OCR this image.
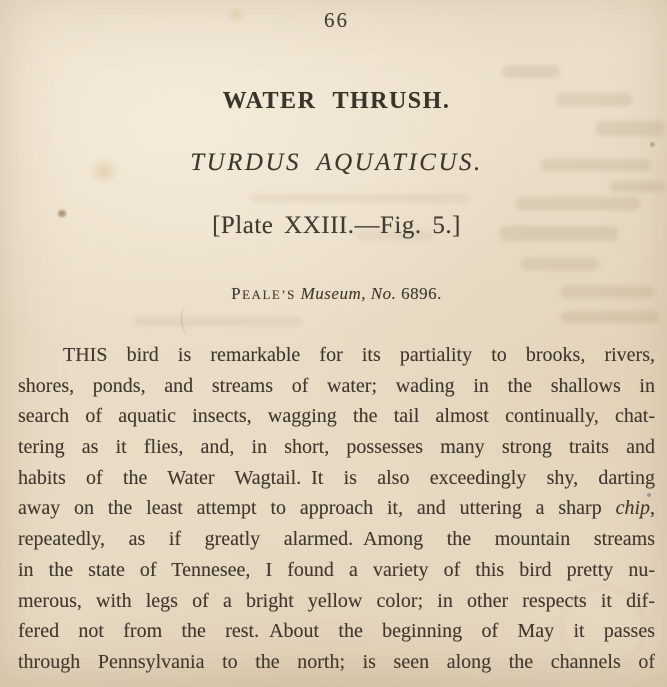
66
WATER THRUSH.
TURDUS AQUATICUS.
[Plate XXIII.—Fig. 5.]
PEALE’S Museum, No. 6896.
THIS bird is remarkable for its partiality to brooks, rivers,
shores, ponds, and streams of water; wading in the shallows in
search of aquatic insects, wagging the tail almost continually, chat-
tering as it flies, and, in short, possesses many strong traits and
habits of the Water Wagtail. It is also exceedingly shy, darting
away on the least attempt to approach it, and uttering a sharp chip,
repeatedly, as if greatly alarmed. Among the mountain streams
in the state of Tennesee, I found a variety of this bird pretty nu-
merous, with legs of a bright yellow color; in other respects it dif-
fered not from the rest. About the beginning of May it passes
through Pennsylvania to the north; is seen along the channels of
